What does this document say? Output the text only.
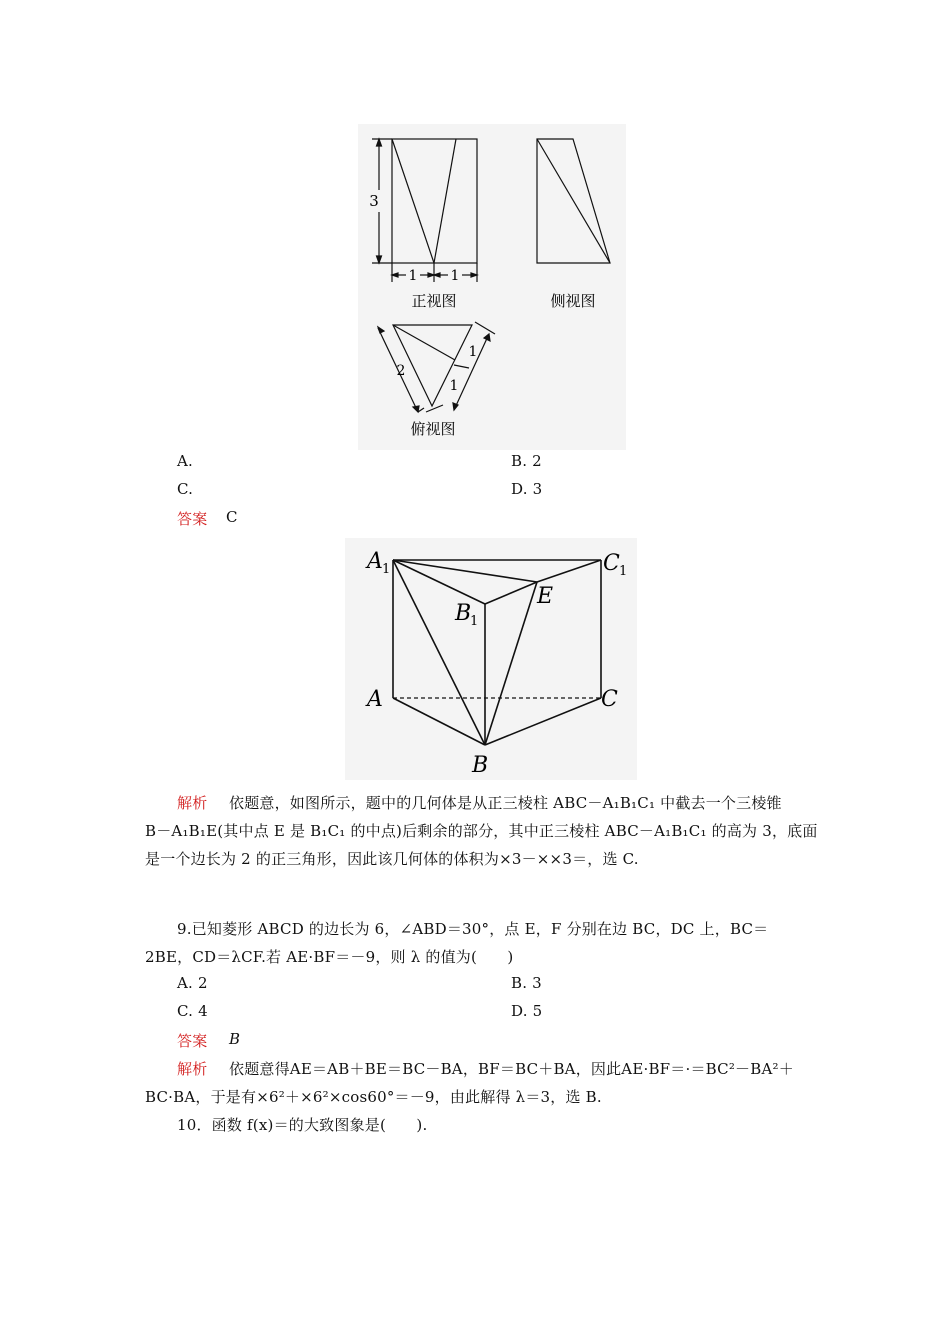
3
1 1
正视图	侧视图
2
1
1
俯视图
A.	B. 2
C.	D. 3
答案 C
A 1	C 1
B
1
E
A	C
B
解析 依题意，如图所示，题中的几何体是从正三棱柱 ABC－A₁B₁C₁ 中截去一个三棱锥
B－A₁B₁E(其中点 E 是 B₁C₁ 的中点)后剩余的部分，其中正三棱柱 ABC－A₁B₁C₁ 的高为 3，底面
是一个边长为 2 的正三角形，因此该几何体的体积为×3－××3＝，选 C.
9.已知菱形 ABCD 的边长为 6，∠ABD＝30°，点 E，F 分别在边 BC，DC 上，BC＝
2BE，CD＝λCF.若 AE·BF＝－9，则 λ 的值为(　　)
A. 2	B. 3
C. 4	D. 5
答案 B
解析 依题意得AE＝AB＋BE＝BC－BA，BF＝BC＋BA，因此AE·BF＝·＝BC²－BA²＋
BC·BA，于是有×6²＋×6²×cos60°＝－9，由此解得 λ＝3，选 B.
10．函数 f(x)＝的大致图象是(　　).
